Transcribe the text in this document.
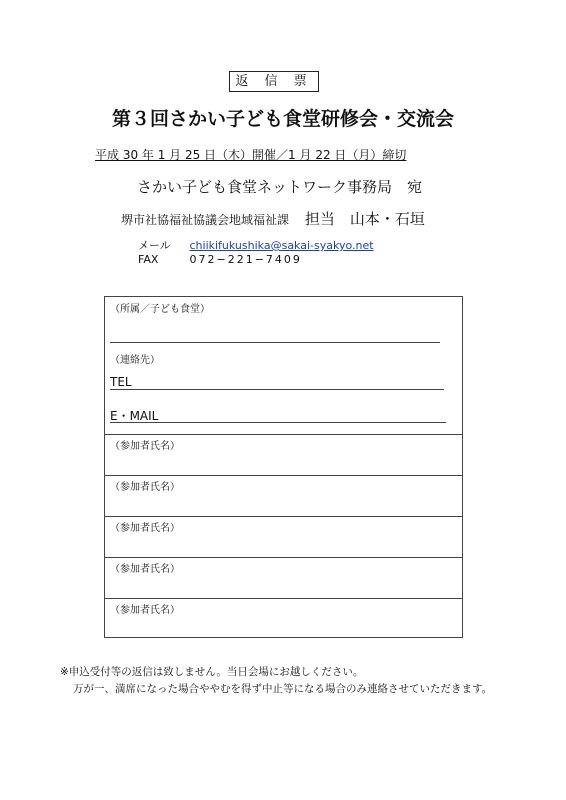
返 信 票
第３回さかい子ども食堂研修会・交流会
平成 30 年 1 月 25 日（木）開催／1 月 22 日（月）締切
さかい子ども食堂ネットワーク事務局　宛
堺市社協福祉協議会地域福祉課 担当　山本・石垣
メール chiikifukushika@sakai-syakyo.net
FAX	072−221−7409
（所属／子ども食堂）
（連絡先）
TEL
E・MAIL
（参加者氏名）
（参加者氏名）
（参加者氏名）
（参加者氏名）
（参加者氏名）
※申込受付等の返信は致しません。当日会場にお越しください。
万が一、満席になった場合ややむを得ず中止等になる場合のみ連絡させていただきます。
